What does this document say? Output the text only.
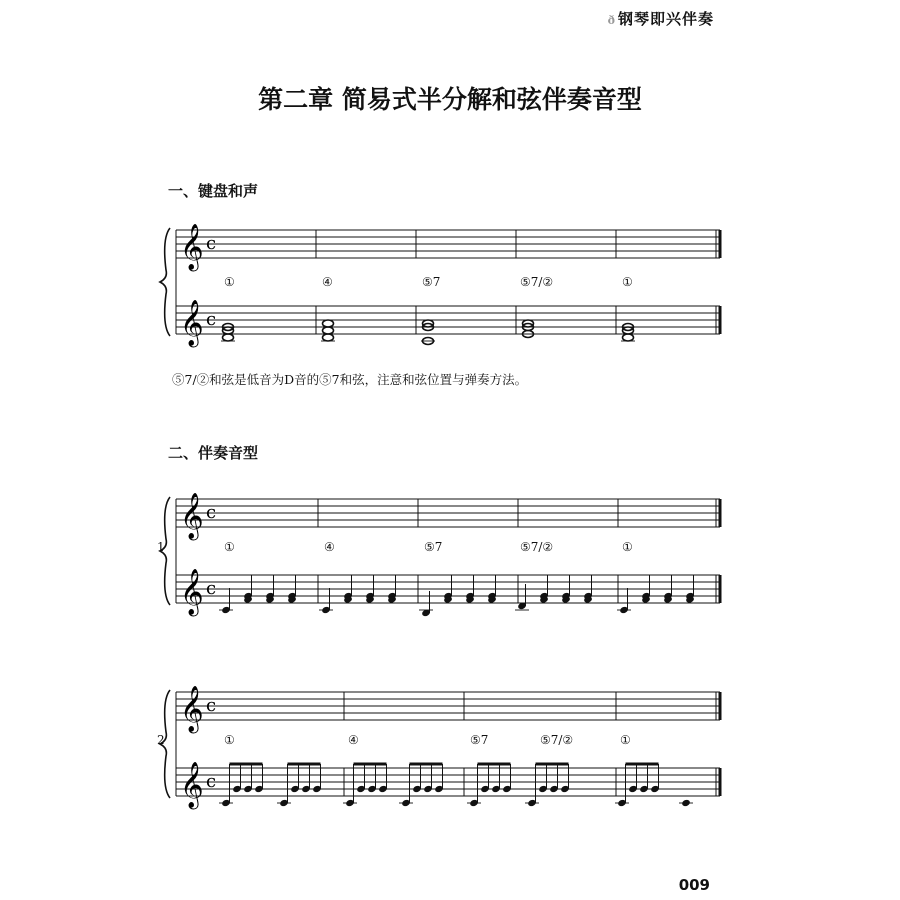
ð 钢琴即兴伴奏
第二章 简易式半分解和弦伴奏音型
一、键盘和声
𝄞
𝄞
c
c
①	④	⑤7	⑤7/②	①
⑤7/②和弦是低音为D音的⑤7和弦，注意和弦位置与弹奏方法。
二、伴奏音型
1
𝄞
𝄞
c
c
①	④	⑤7	⑤7/②	①
2
𝄞
𝄞
c
c
①	④	⑤7	⑤7/②	①
009
